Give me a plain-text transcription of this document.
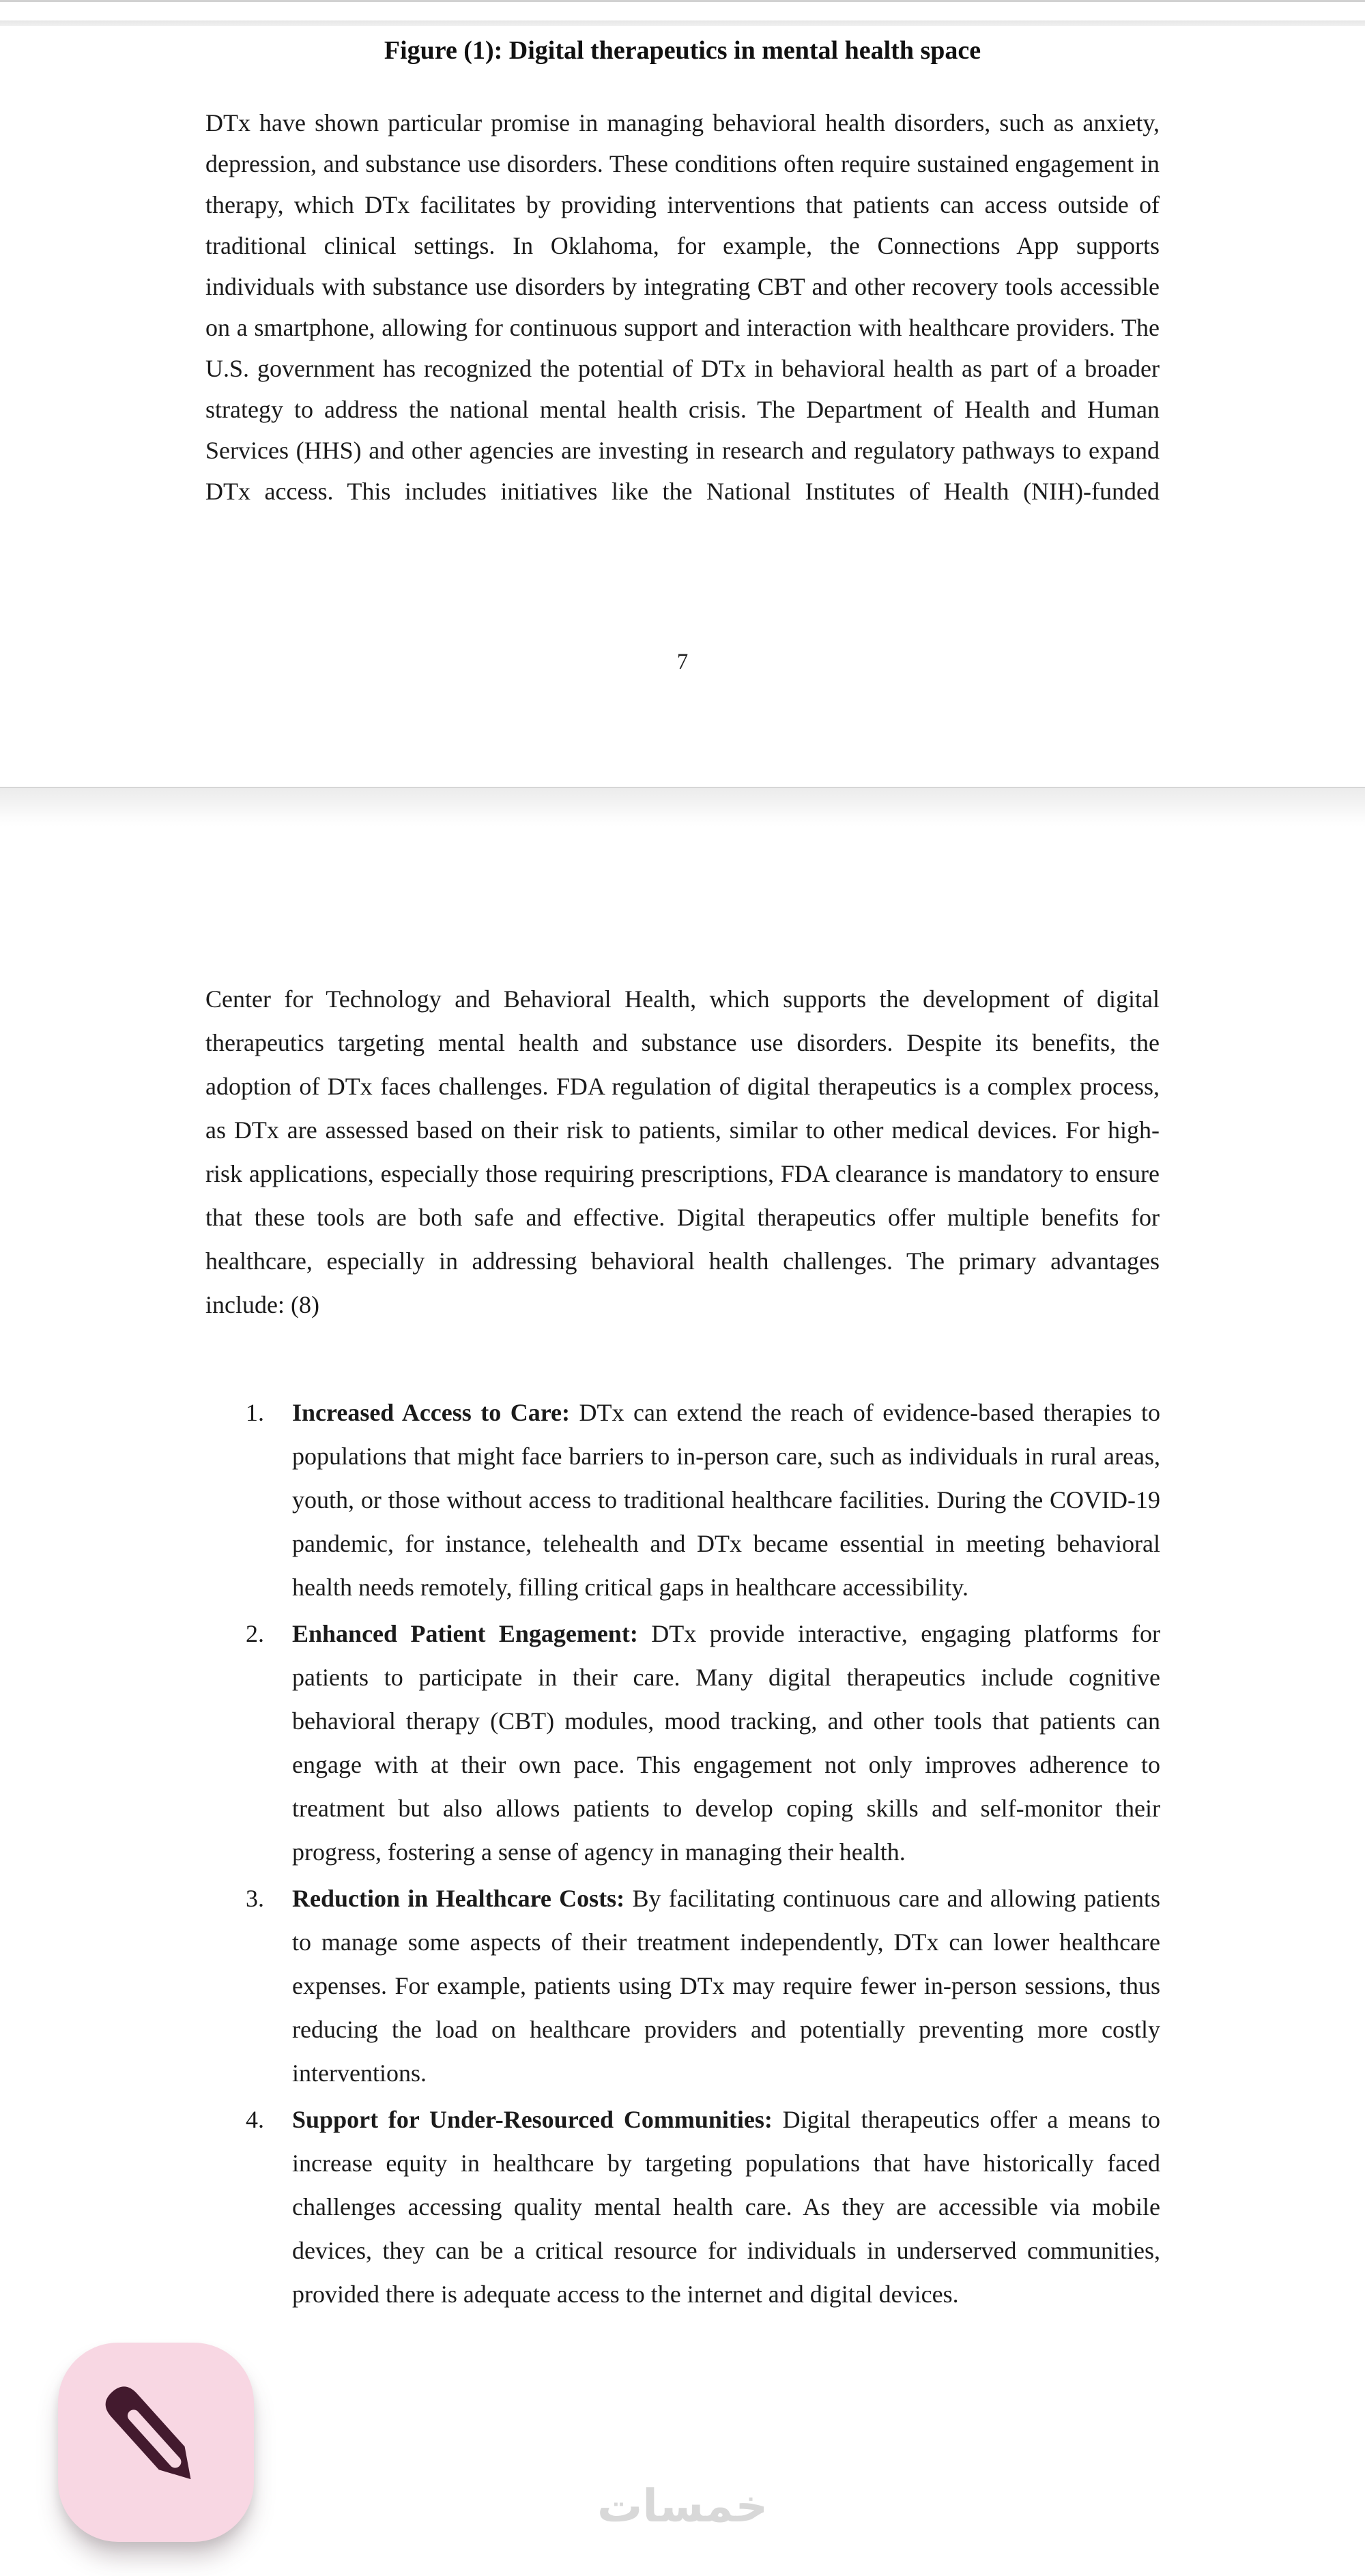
Figure (1): Digital therapeutics in mental health space

DTx have shown particular promise in managing behavioral health disorders, such as anxiety, depression, and substance use disorders. These conditions often require sustained engagement in therapy, which DTx facilitates by providing interventions that patients can access outside of traditional clinical settings. In Oklahoma, for example, the Connections App supports individuals with substance use disorders by integrating CBT and other recovery tools accessible on a smartphone, allowing for continuous support and interaction with healthcare providers. The U.S. government has recognized the potential of DTx in behavioral health as part of a broader strategy to address the national mental health crisis. The Department of Health and Human Services (HHS) and other agencies are investing in research and regulatory pathways to expand DTx access. This includes initiatives like the National Institutes of Health (NIH)-funded

7

Center for Technology and Behavioral Health, which supports the development of digital therapeutics targeting mental health and substance use disorders. Despite its benefits, the adoption of DTx faces challenges. FDA regulation of digital therapeutics is a complex process, as DTx are assessed based on their risk to patients, similar to other medical devices. For high-risk applications, especially those requiring prescriptions, FDA clearance is mandatory to ensure that these tools are both safe and effective. Digital therapeutics offer multiple benefits for healthcare, especially in addressing behavioral health challenges. The primary advantages include: (8)

1.	Increased Access to Care: DTx can extend the reach of evidence-based therapies to populations that might face barriers to in-person care, such as individuals in rural areas, youth, or those without access to traditional healthcare facilities. During the COVID-19 pandemic, for instance, telehealth and DTx became essential in meeting behavioral health needs remotely, filling critical gaps in healthcare accessibility.
2.	Enhanced Patient Engagement: DTx provide interactive, engaging platforms for patients to participate in their care. Many digital therapeutics include cognitive behavioral therapy (CBT) modules, mood tracking, and other tools that patients can engage with at their own pace. This engagement not only improves adherence to treatment but also allows patients to develop coping skills and self-monitor their progress, fostering a sense of agency in managing their health.
3.	Reduction in Healthcare Costs: By facilitating continuous care and allowing patients to manage some aspects of their treatment independently, DTx can lower healthcare expenses. For example, patients using DTx may require fewer in-person sessions, thus reducing the load on healthcare providers and potentially preventing more costly interventions.
4.	Support for Under-Resourced Communities: Digital therapeutics offer a means to increase equity in healthcare by targeting populations that have historically faced challenges accessing quality mental health care. As they are accessible via mobile devices, they can be a critical resource for individuals in underserved communities, provided there is adequate access to the internet and digital devices.
خمسات
